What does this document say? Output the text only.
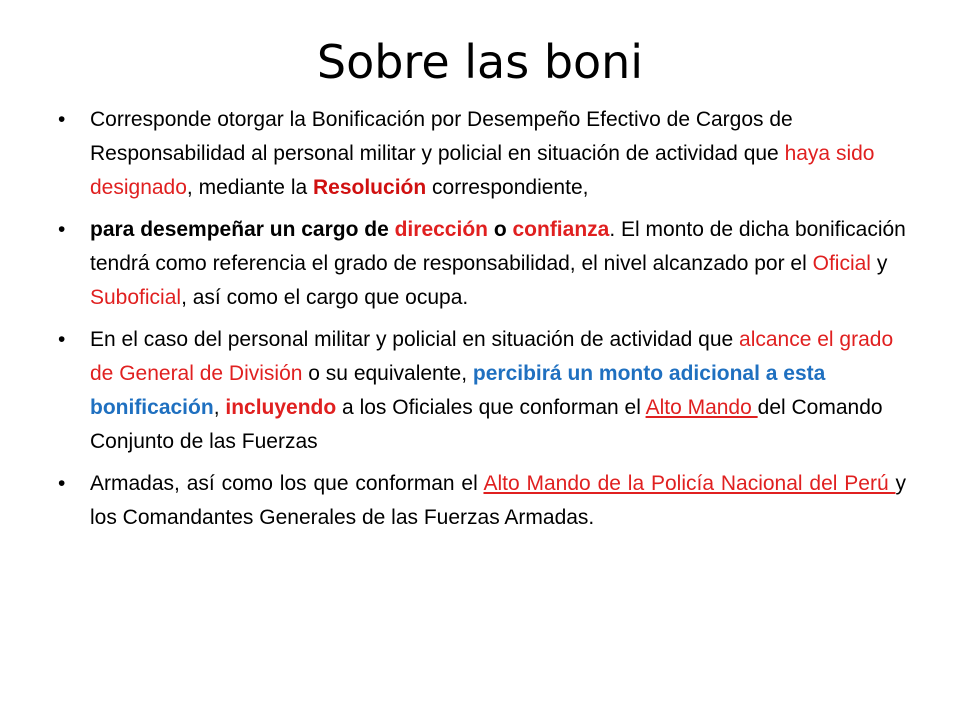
Sobre las boni
• Corresponde otorgar la Bonificación por Desempeño Efectivo de Cargos de Responsabilidad al personal militar y policial en situación de actividad que haya sido designado, mediante la Resolución correspondiente,
• para desempeñar un cargo de dirección o confianza. El monto de dicha bonificación tendrá como referencia el grado de responsabilidad, el nivel alcanzado por el Oficial y Suboficial, así como el cargo que ocupa.
• En el caso del personal militar y policial en situación de actividad que alcance el grado de General de División o su equivalente, percibirá un monto adicional a esta bonificación, incluyendo a los Oficiales que conforman el Alto Mando del Comando Conjunto de las Fuerzas
• Armadas, así como los que conforman el Alto Mando de la Policía Nacional del Perú y los Comandantes Generales de las Fuerzas Armadas.
